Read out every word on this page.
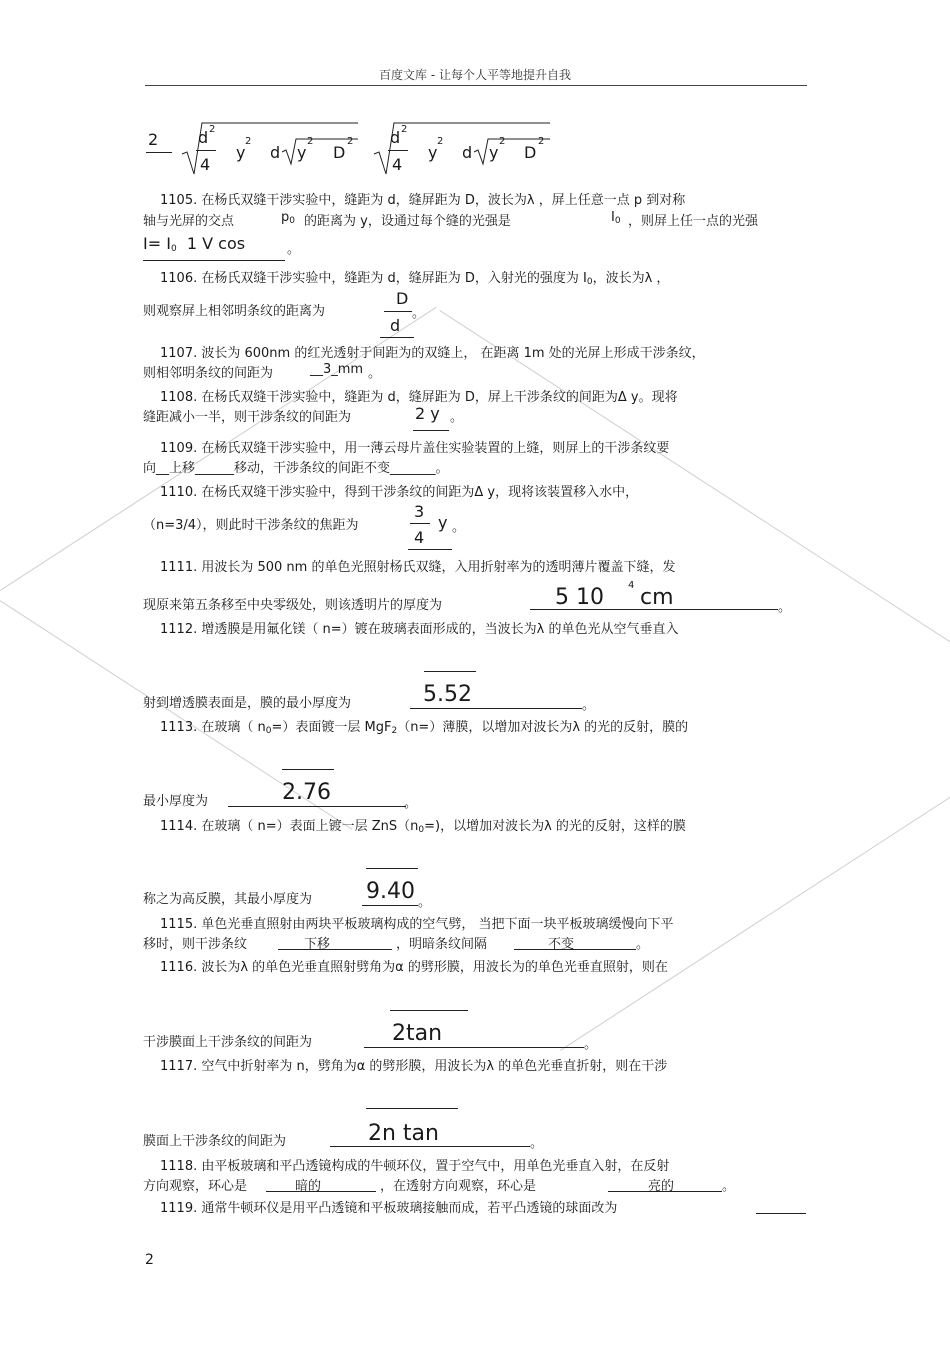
百度文库 - 让每个人平等地提升自我
2 d 2
4
y
2
d y
2
D
2 d 2
4
y
2
d y
2
D
2
1105. 在杨氏双缝干涉实验中，缝距为 d，缝屏距为 D，波长为λ ，屏上任意一点 p 到对称
轴与光屏的交点	$p_0$ 的距离为 y，设通过每个缝的光强是	$I_0$ ，则屏上任一点的光强
$I= I_0$ 1 V cos	。
1106. 在杨氏双缝干涉实验中，缝距为 d，缝屏距为 D，入射光的强度为 $I_0$，波长为λ ，
则观察屏上相邻明条纹的距离为
D
d
。
1107. 波长为 600nm 的红光透射于间距为的双缝上， 在距离 1m 处的光屏上形成干涉条纹，
则相邻明条纹的间距为	__3_mm 。
1108. 在杨氏双缝干涉实验中，缝距为 d，缝屏距为 D，屏上干涉条纹的间距为Δ y。现将
缝距减小一半，则干涉条纹的间距为	2 y 。
1109. 在杨氏双缝干涉实验中，用一薄云母片盖住实验装置的上缝，则屏上的干涉条纹要
向__上移______移动，干涉条纹的间距不变_______。
1110. 在杨氏双缝干涉实验中，得到干涉条纹的间距为Δ y，现将该装置移入水中，
（n=3/4），则此时干涉条纹的焦距为
3
4
y 。
1111. 用波长为 500 nm 的单色光照射杨氏双缝，入用折射率为的透明薄片覆盖下缝，发
现原来第五条移至中央零级处，则该透明片的厚度为	5 10 4 cm	。
1112. 增透膜是用氟化镁（ n=）镀在玻璃表面形成的，当波长为λ 的单色光从空气垂直入
射到增透膜表面是，膜的最小厚度为	5.52	。
1113. 在玻璃（ $n_0=$）表面镀一层 MgF$_2$（n=）薄膜，以增加对波长为λ 的光的反射，膜的
最小厚度为	2.76	。
1114. 在玻璃（ n=）表面上镀一层 $ZnS(n_0=)$，以增加对波长为λ 的光的反射，这样的膜
称之为高反膜，其最小厚度为 9.40 。
1115. 单色光垂直照射由两块平板玻璃构成的空气劈， 当把下面一块平板玻璃缓慢向下平
移时，则干涉条纹	下移	，明暗条纹间隔	不变	。
1116. 波长为λ 的单色光垂直照射劈角为α 的劈形膜，用波长为的单色光垂直照射，则在
干涉膜面上干涉条纹的间距为	2tan	。
1117. 空气中折射率为 n，劈角为α 的劈形膜，用波长为λ 的单色光垂直折射，则在干涉
膜面上干涉条纹的间距为	2n tan	。
1118. 由平板玻璃和平凸透镜构成的牛顿环仪，置于空气中，用单色光垂直入射，在反射
方向观察，环心是	暗的	，在透射方向观察，环心是	亮的	。
1119. 通常牛顿环仪是用平凸透镜和平板玻璃接触而成，若平凸透镜的球面改为
2
